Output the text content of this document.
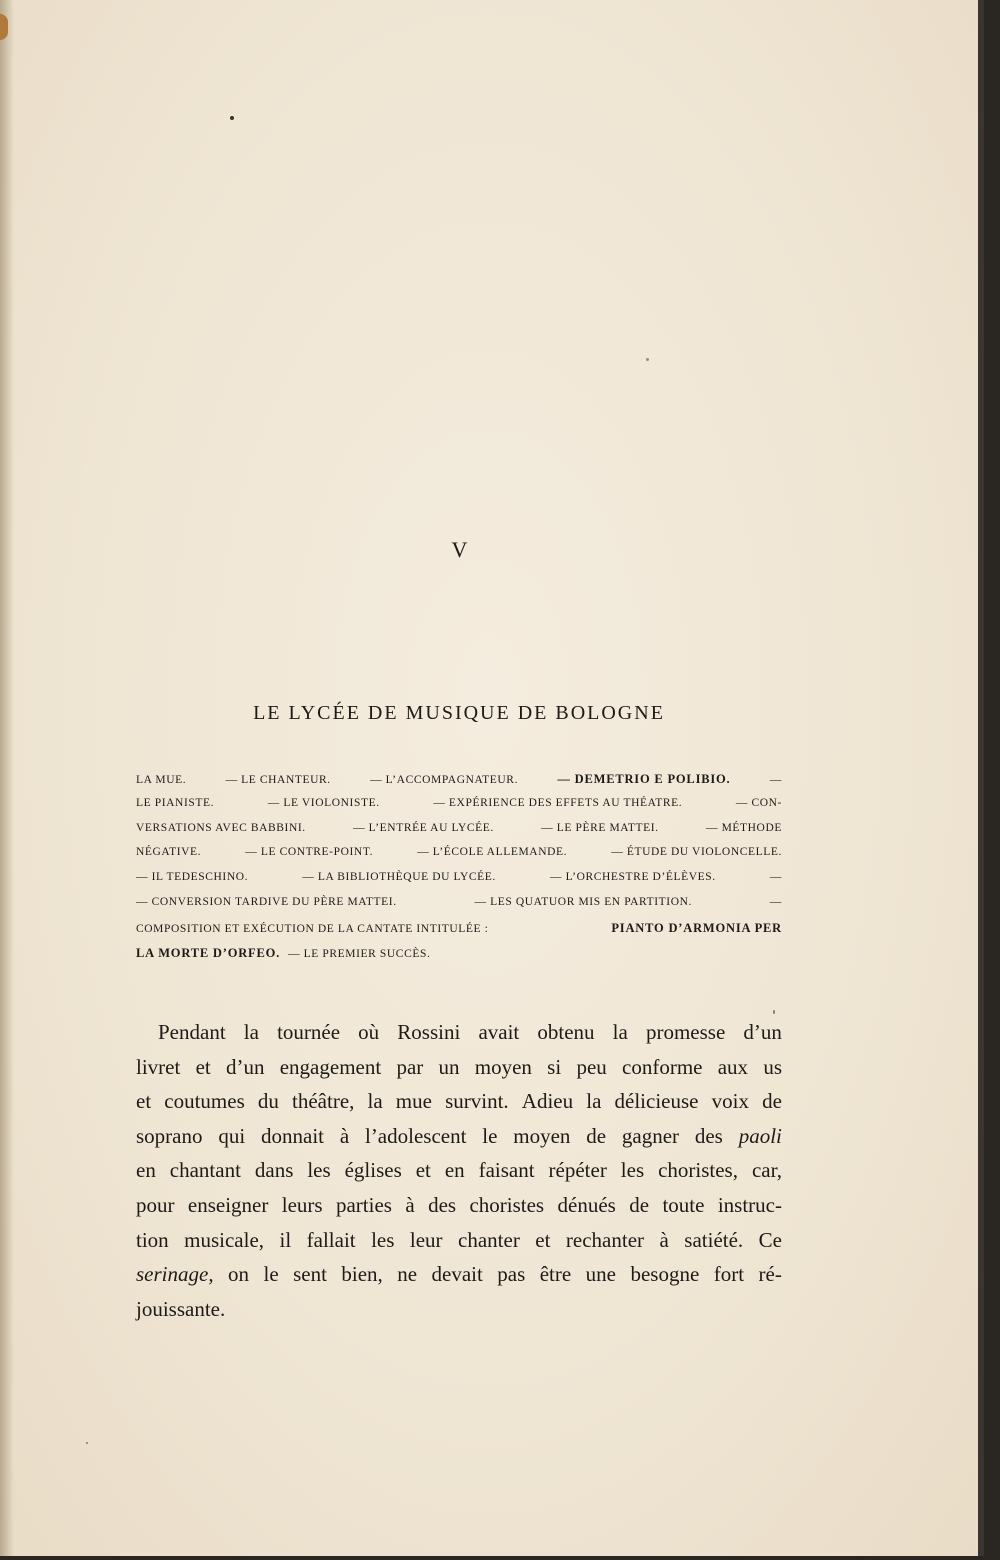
V
LE LYCÉE DE MUSIQUE DE BOLOGNE
LA MUE.	— LE CHANTEUR.	— L’ACCOMPAGNATEUR.	— DEMETRIO E POLIBIO.	—
LE PIANISTE.	— LE VIOLONISTE.	— EXPÉRIENCE DES EFFETS AU THÉATRE.	— CON-
VERSATIONS AVEC BABBINI.	— L’ENTRÉE AU LYCÉE.	— LE PÈRE MATTEI.	— MÉTHODE
NÉGATIVE.	— LE CONTRE-POINT.	— L’ÉCOLE ALLEMANDE.	— ÉTUDE DU VIOLONCELLE.
— IL TEDESCHINO.	— LA BIBLIOTHÈQUE DU LYCÉE.	— L’ORCHESTRE D’ÉLÈVES.	—
— CONVERSION TARDIVE DU PÈRE MATTEI.	— LES QUATUOR MIS EN PARTITION.	—
COMPOSITION ET EXÉCUTION DE LA CANTATE INTITULÉE :	PIANTO D’ARMONIA PER
LA MORTE D’ORFEO. — LE PREMIER SUCCÈS.
Pendant la tournée où Rossini avait obtenu la promesse d’un
livret et d’un engagement par un moyen si peu conforme aux us
et coutumes du théâtre, la mue survint. Adieu la délicieuse voix de
soprano qui donnait à l’adolescent le moyen de gagner des paoli
en chantant dans les églises et en faisant répéter les choristes, car,
pour enseigner leurs parties à des choristes dénués de toute instruc-
tion musicale, il fallait les leur chanter et rechanter à satiété. Ce
serinage, on le sent bien, ne devait pas être une besogne fort ré-
jouissante.
